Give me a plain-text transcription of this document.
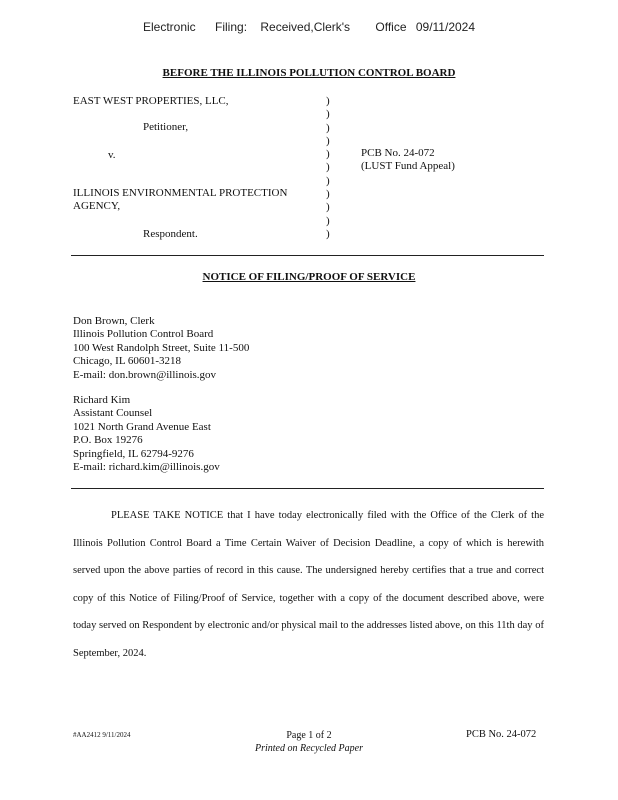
Electronic Filing: Received,Clerk's Office 09/11/2024
BEFORE THE ILLINOIS POLLUTION CONTROL BOARD
EAST WEST PROPERTIES, LLC,
Petitioner,
v.
ILLINOIS ENVIRONMENTAL PROTECTION
AGENCY,
Respondent.
)
)
)
)
)
)
)
)
)
)
)
PCB No. 24-072
(LUST Fund Appeal)
NOTICE OF FILING/PROOF OF SERVICE
Don Brown, Clerk
Illinois Pollution Control Board
100 West Randolph Street, Suite 11-500
Chicago, IL 60601-3218
E-mail: don.brown@illinois.gov
Richard Kim
Assistant Counsel
1021 North Grand Avenue East
P.O. Box 19276
Springfield, IL 62794-9276
E-mail: richard.kim@illinois.gov
PLEASE TAKE NOTICE that I have today electronically filed with the Office of the Clerk of the Illinois Pollution Control Board a Time Certain Waiver of Decision Deadline, a copy of which is herewith served upon the above parties of record in this cause. The undersigned hereby certifies that a true and correct copy of this Notice of Filing/Proof of Service, together with a copy of the document described above, were today served on Respondent by electronic and/or physical mail to the addresses listed above, on this 11th day of September, 2024.
#AA2412 9/11/2024	Page 1 of 2
Printed on Recycled Paper
PCB No. 24-072
